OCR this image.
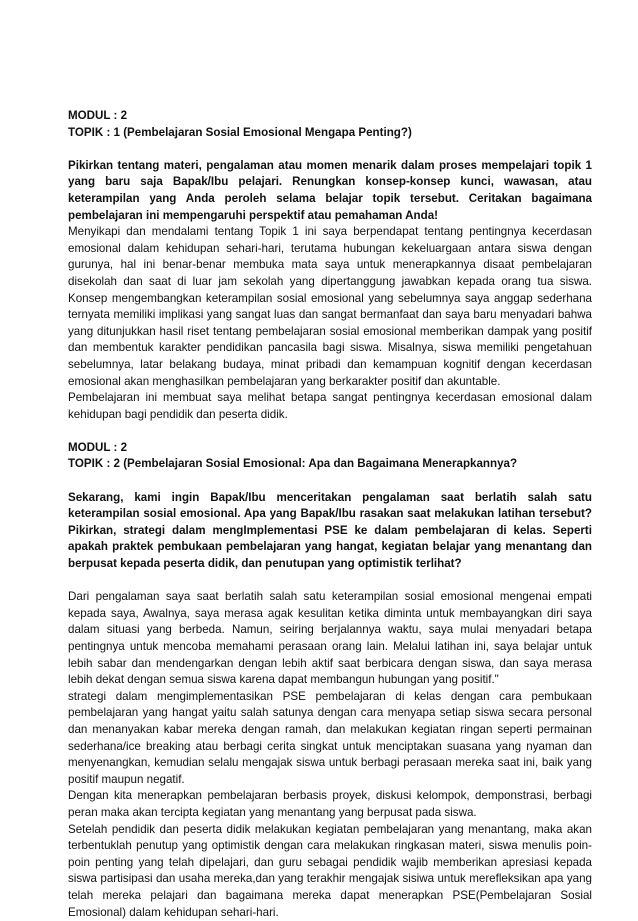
MODUL : 2
TOPIK : 1 (Pembelajaran Sosial Emosional Mengapa Penting?)

Pikirkan tentang materi, pengalaman atau momen menarik dalam proses mempelajari topik 1 yang baru saja Bapak/Ibu pelajari. Renungkan konsep-konsep kunci, wawasan, atau keterampilan yang Anda peroleh selama belajar topik tersebut. Ceritakan bagaimana pembelajaran ini mempengaruhi perspektif atau pemahaman Anda!

Menyikapi dan mendalami tentang Topik 1 ini saya berpendapat tentang pentingnya kecerdasan emosional dalam kehidupan sehari-hari, terutama hubungan kekeluargaan antara siswa dengan gurunya, hal ini benar-benar membuka mata saya untuk menerapkannya disaat pembelajaran disekolah dan saat di luar jam sekolah yang dipertanggung jawabkan kepada orang tua siswa. Konsep mengembangkan keterampilan sosial emosional yang sebelumnya saya anggap sederhana ternyata memiliki implikasi yang sangat luas dan sangat bermanfaat dan saya baru menyadari bahwa yang ditunjukkan hasil riset tentang pembelajaran sosial emosional memberikan dampak yang positif dan membentuk karakter pendidikan pancasila bagi siswa. Misalnya, siswa memiliki pengetahuan sebelumnya, latar belakang budaya, minat pribadi dan kemampuan kognitif dengan kecerdasan emosional akan menghasilkan pembelajaran yang berkarakter positif dan akuntable.

Pembelajaran ini membuat saya melihat betapa sangat pentingnya kecerdasan emosional dalam kehidupan bagi pendidik dan peserta didik.

MODUL : 2
TOPIK : 2 (Pembelajaran Sosial Emosional: Apa dan Bagaimana Menerapkannya?

Sekarang, kami ingin Bapak/Ibu menceritakan pengalaman saat berlatih salah satu keterampilan sosial emosional. Apa yang Bapak/Ibu rasakan saat melakukan latihan tersebut? Pikirkan, strategi dalam mengImplementasi PSE ke dalam pembelajaran di kelas. Seperti apakah praktek pembukaan pembelajaran yang hangat, kegiatan belajar yang menantang dan berpusat kepada peserta didik, dan penutupan yang optimistik terlihat?

Dari pengalaman saya saat berlatih salah satu keterampilan sosial emosional mengenai empati kepada saya, Awalnya, saya merasa agak kesulitan ketika diminta untuk membayangkan diri saya dalam situasi yang berbeda. Namun, seiring berjalannya waktu, saya mulai menyadari betapa pentingnya untuk mencoba memahami perasaan orang lain. Melalui latihan ini, saya belajar untuk lebih sabar dan mendengarkan dengan lebih aktif saat berbicara dengan siswa, dan saya merasa lebih dekat dengan semua siswa karena dapat membangun hubungan yang positif."

strategi dalam mengimplementasikan PSE pembelajaran di kelas dengan cara pembukaan pembelajaran yang hangat yaitu salah satunya dengan cara menyapa setiap siswa secara personal dan menanyakan kabar mereka dengan ramah, dan melakukan kegiatan ringan seperti permainan sederhana/ice breaking atau berbagi cerita singkat untuk menciptakan suasana yang nyaman dan menyenangkan, kemudian selalu mengajak siswa untuk berbagi perasaan mereka saat ini, baik yang positif maupun negatif.

Dengan kita menerapkan pembelajaran berbasis proyek, diskusi kelompok, demponstrasi, berbagi peran maka akan tercipta kegiatan yang menantang yang berpusat pada siswa.

Setelah pendidik dan peserta didik melakukan kegiatan pembelajaran yang menantang, maka akan terbentuklah penutup yang optimistik dengan cara melakukan ringkasan materi, siswa menulis poin-poin penting yang telah dipelajari, dan guru sebagai pendidik wajib memberikan apresiasi kepada siswa partisipasi dan usaha mereka,dan yang terakhir mengajak sisiwa untuk merefleksikan apa yang telah mereka pelajari dan bagaimana mereka dapat menerapkan PSE(Pembelajaran Sosial Emosional) dalam kehidupan sehari-hari.
